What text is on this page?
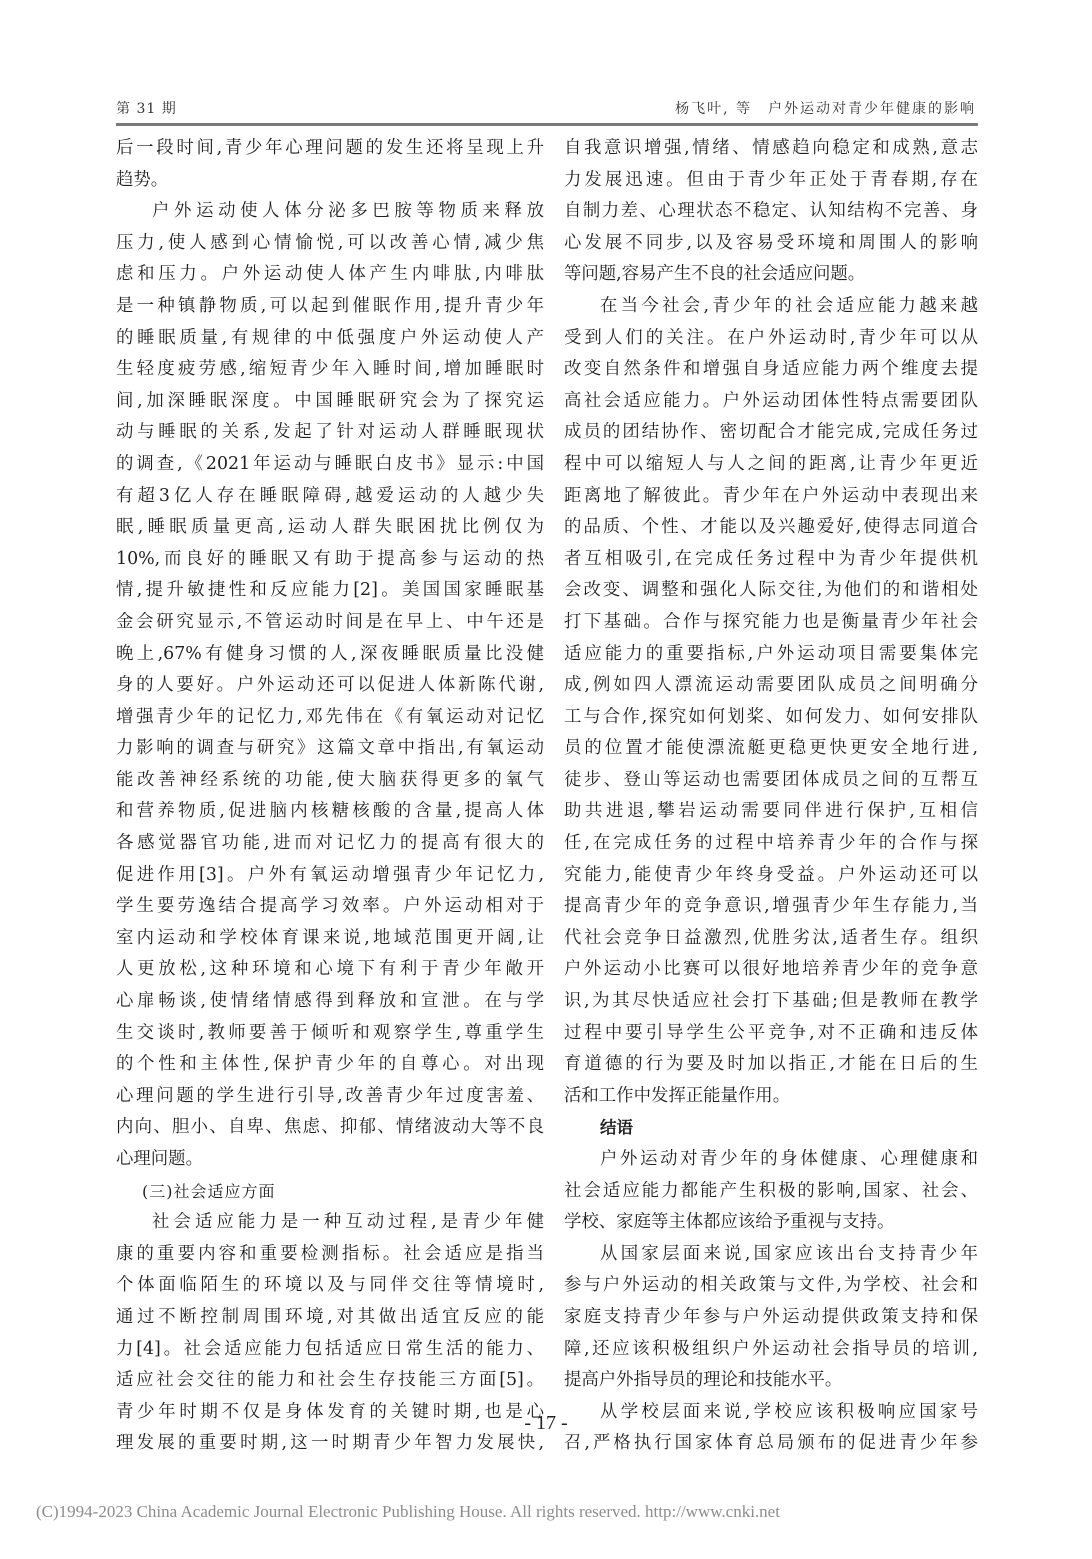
第 31 期	杨飞叶, 等　户外运动对青少年健康的影响
后一段时间,青少年心理问题的发生还将呈现上升
趋势。
户外运动使人体分泌多巴胺等物质来释放
压力,使人感到心情愉悦,可以改善心情,减少焦
虑和压力。户外运动使人体产生内啡肽,内啡肽
是一种镇静物质,可以起到催眠作用,提升青少年
的睡眠质量,有规律的中低强度户外运动使人产
生轻度疲劳感,缩短青少年入睡时间,增加睡眠时
间,加深睡眠深度。中国睡眠研究会为了探究运
动与睡眠的关系,发起了针对运动人群睡眠现状
的调查,《2021年运动与睡眠白皮书》显示:中国
有超3亿人存在睡眠障碍,越爱运动的人越少失
眠,睡眠质量更高,运动人群失眠困扰比例仅为
10%,而良好的睡眠又有助于提高参与运动的热
情,提升敏捷性和反应能力[2]。美国国家睡眠基
金会研究显示,不管运动时间是在早上、中午还是
晚上,67%有健身习惯的人,深夜睡眠质量比没健
身的人要好。户外运动还可以促进人体新陈代谢,
增强青少年的记忆力,邓先伟在《有氧运动对记忆
力影响的调查与研究》这篇文章中指出,有氧运动
能改善神经系统的功能,使大脑获得更多的氧气
和营养物质,促进脑内核糖核酸的含量,提高人体
各感觉器官功能,进而对记忆力的提高有很大的
促进作用[3]。户外有氧运动增强青少年记忆力,
学生要劳逸结合提高学习效率。户外运动相对于
室内运动和学校体育课来说,地域范围更开阔,让
人更放松,这种环境和心境下有利于青少年敞开
心扉畅谈,使情绪情感得到释放和宣泄。在与学
生交谈时,教师要善于倾听和观察学生,尊重学生
的个性和主体性,保护青少年的自尊心。对出现
心理问题的学生进行引导,改善青少年过度害羞、
内向、胆小、自卑、焦虑、抑郁、情绪波动大等不良
心理问题。
(三)社会适应方面
社会适应能力是一种互动过程,是青少年健
康的重要内容和重要检测指标。社会适应是指当
个体面临陌生的环境以及与同伴交往等情境时,
通过不断控制周围环境,对其做出适宜反应的能
力[4]。社会适应能力包括适应日常生活的能力、
适应社会交往的能力和社会生存技能三方面[5]。
青少年时期不仅是身体发育的关键时期,也是心
理发展的重要时期,这一时期青少年智力发展快,
自我意识增强,情绪、情感趋向稳定和成熟,意志
力发展迅速。但由于青少年正处于青春期,存在
自制力差、心理状态不稳定、认知结构不完善、身
心发展不同步,以及容易受环境和周围人的影响
等问题,容易产生不良的社会适应问题。
在当今社会,青少年的社会适应能力越来越
受到人们的关注。在户外运动时,青少年可以从
改变自然条件和增强自身适应能力两个维度去提
高社会适应能力。户外运动团体性特点需要团队
成员的团结协作、密切配合才能完成,完成任务过
程中可以缩短人与人之间的距离,让青少年更近
距离地了解彼此。青少年在户外运动中表现出来
的品质、个性、才能以及兴趣爱好,使得志同道合
者互相吸引,在完成任务过程中为青少年提供机
会改变、调整和强化人际交往,为他们的和谐相处
打下基础。合作与探究能力也是衡量青少年社会
适应能力的重要指标,户外运动项目需要集体完
成,例如四人漂流运动需要团队成员之间明确分
工与合作,探究如何划桨、如何发力、如何安排队
员的位置才能使漂流艇更稳更快更安全地行进,
徒步、登山等运动也需要团体成员之间的互帮互
助共进退,攀岩运动需要同伴进行保护,互相信
任,在完成任务的过程中培养青少年的合作与探
究能力,能使青少年终身受益。户外运动还可以
提高青少年的竞争意识,增强青少年生存能力,当
代社会竞争日益激烈,优胜劣汰,适者生存。组织
户外运动小比赛可以很好地培养青少年的竞争意
识,为其尽快适应社会打下基础;但是教师在教学
过程中要引导学生公平竞争,对不正确和违反体
育道德的行为要及时加以指正,才能在日后的生
活和工作中发挥正能量作用。
结语
户外运动对青少年的身体健康、心理健康和
社会适应能力都能产生积极的影响,国家、社会、
学校、家庭等主体都应该给予重视与支持。
从国家层面来说,国家应该出台支持青少年
参与户外运动的相关政策与文件,为学校、社会和
家庭支持青少年参与户外运动提供政策支持和保
障,还应该积极组织户外运动社会指导员的培训,
提高户外指导员的理论和技能水平。
从学校层面来说,学校应该积极响应国家号
召,严格执行国家体育总局颁布的促进青少年参
- 17 -
(C)1994-2023 China Academic Journal Electronic Publishing House. All rights reserved. http://www.cnki.net
